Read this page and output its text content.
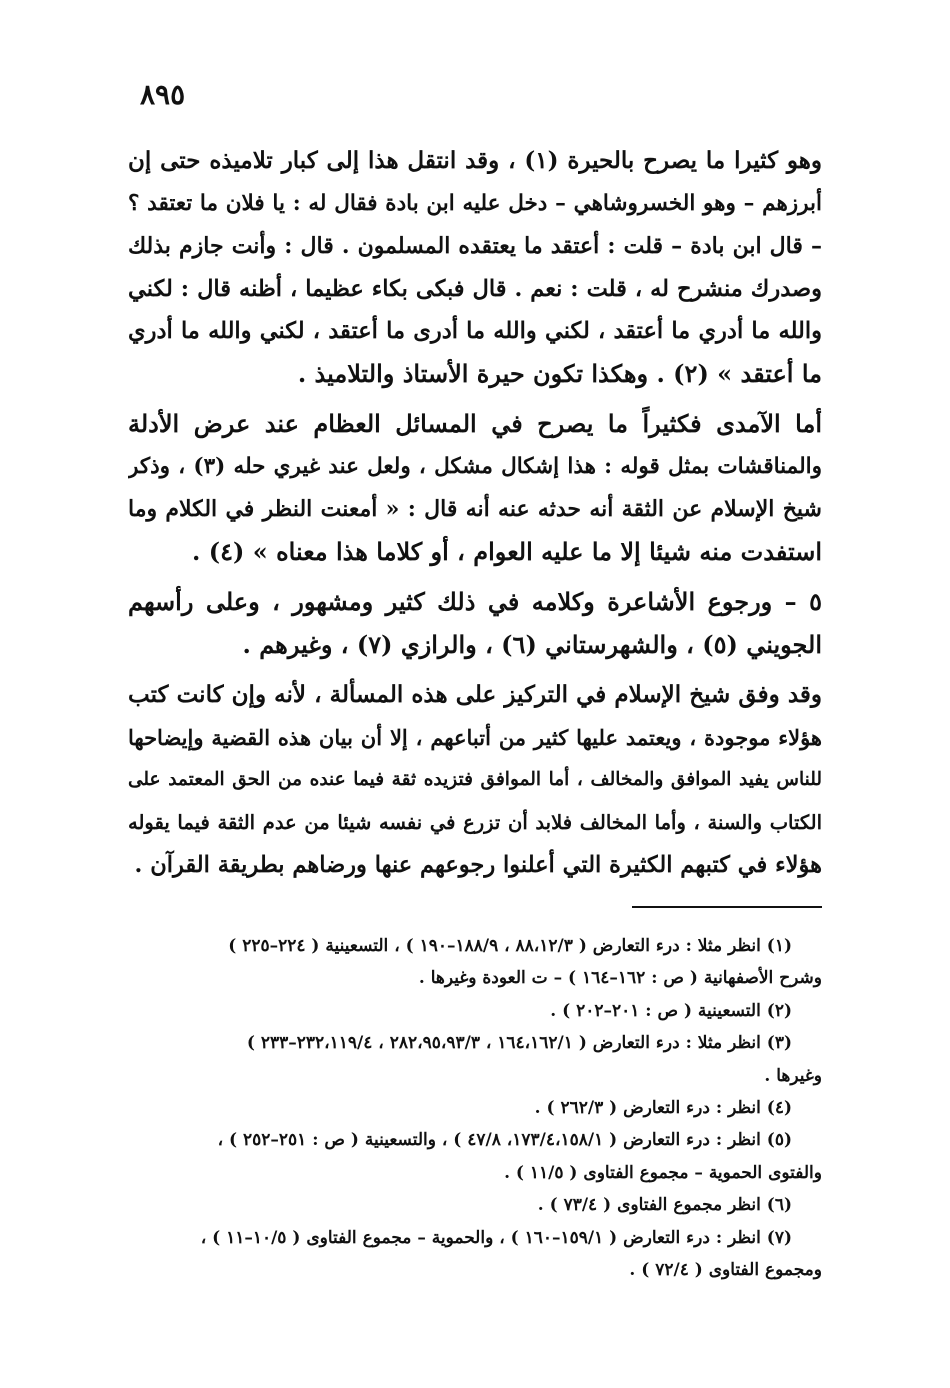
٨٩٥

وهو كثيرا ما يصرح بالحيرة (١) ، وقد انتقل هذا إلى كبار تلاميذه حتى إن
أبرزهم – وهو الخسروشاهي – دخل عليه ابن بادة فقال له : يا فلان ما تعتقد ؟
– قال ابن بادة – قلت : أعتقد ما يعتقده المسلمون . قال : وأنت جازم بذلك
وصدرك منشرح له ، قلت : نعم . قال فبكى بكاء عظيما ، أظنه قال : لكني
والله ما أدري ما أعتقد ، لكني والله ما أدرى ما أعتقد ، لكني والله ما أدري
ما أعتقد » (٢) . وهكذا تكون حيرة الأستاذ والتلاميذ .

أما الآمدى فكثيراً ما يصرح في المسائل العظام عند عرض الأدلة
والمناقشات بمثل قوله : هذا إشكال مشكل ، ولعل عند غيري حله (٣) ، وذكر
شيخ الإسلام عن الثقة أنه حدثه عنه أنه قال : « أمعنت النظر في الكلام وما
استفدت منه شيئا إلا ما عليه العوام ، أو كلاما هذا معناه » (٤) .

٥ – ورجوع الأشاعرة وكلامه في ذلك كثير ومشهور ، وعلى رأسهم
الجويني (٥) ، والشهرستاني (٦) ، والرازي (٧) ، وغيرهم .

وقد وفق شيخ الإسلام في التركيز على هذه المسألة ، لأنه وإن كانت كتب
هؤلاء موجودة ، ويعتمد عليها كثير من أتباعهم ، إلا أن بيان هذه القضية وإيضاحها
للناس يفيد الموافق والمخالف ، أما الموافق فتزيده ثقة فيما عنده من الحق المعتمد على
الكتاب والسنة ، وأما المخالف فلابد أن تزرع في نفسه شيئا من عدم الثقة فيما يقوله
هؤلاء في كتبهم الكثيرة التي أعلنوا رجوعهم عنها ورضاهم بطريقة القرآن .

(١) انظر مثلا : درء التعارض ( ٨٨،١٢/٣ ، ١٨٨/٩–١٩٠ ) ، التسعينية ( ٢٢٤–٢٢٥ )
وشرح الأصفهانية ( ص : ١٦٢–١٦٤ ) – ت العودة وغيرها .
(٢) التسعينية ( ص : ٢٠١–٢٠٢ ) .
(٣) انظر مثلا : درء التعارض ( ١٦٤،١٦٢/١ ، ٢٨٢،٩٥،٩٣/٣ ، ٢٣٢،١١٩/٤–٢٣٣ )
وغيرها .
(٤) انظر : درء التعارض ( ٢٦٢/٣ ) .
(٥) انظر : درء التعارض ( ١٧٣/٤،١٥٨/١، ٤٧/٨ ) ، والتسعينية ( ص : ٢٥١–٢٥٢ ) ،
والفتوى الحموية – مجموع الفتاوى ( ١١/٥ ) .
(٦) انظر مجموع الفتاوى ( ٧٣/٤ ) .
(٧) انظر : درء التعارض ( ١٥٩/١–١٦٠ ) ، والحموية – مجموع الفتاوى ( ١٠/٥–١١ ) ،
ومجموع الفتاوى ( ٧٢/٤ ) .
